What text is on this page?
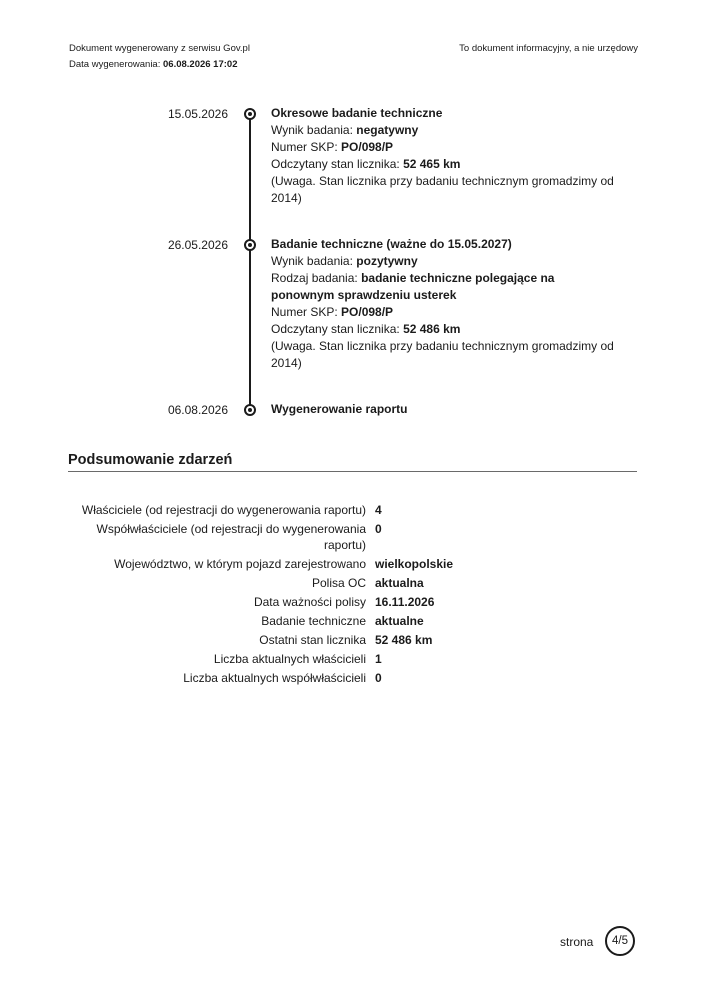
Dokument wygenerowany z serwisu Gov.pl
Data wygenerowania: 06.08.2026 17:02
To dokument informacyjny, a nie urzędowy
15.05.2026	Okresowe badanie techniczne
Wynik badania: negatywny
Numer SKP: PO/098/P
Odczytany stan licznika: 52 465 km
(Uwaga. Stan licznika przy badaniu technicznym gromadzimy od 2014)
26.05.2026	Badanie techniczne (ważne do 15.05.2027)
Wynik badania: pozytywny
Rodzaj badania: badanie techniczne polegające na ponownym sprawdzeniu usterek
Numer SKP: PO/098/P
Odczytany stan licznika: 52 486 km
(Uwaga. Stan licznika przy badaniu technicznym gromadzimy od 2014)
06.08.2026	Wygenerowanie raportu
Podsumowanie zdarzeń
Właściciele (od rejestracji do wygenerowania raportu)	4
Współwłaściciele (od rejestracji do wygenerowania raportu)	0
Województwo, w którym pojazd zarejestrowano	wielkopolskie
Polisa OC	aktualna
Data ważności polisy	16.11.2026
Badanie techniczne	aktualne
Ostatni stan licznika	52 486 km
Liczba aktualnych właścicieli	1
Liczba aktualnych współwłaścicieli	0
strona	4/5
